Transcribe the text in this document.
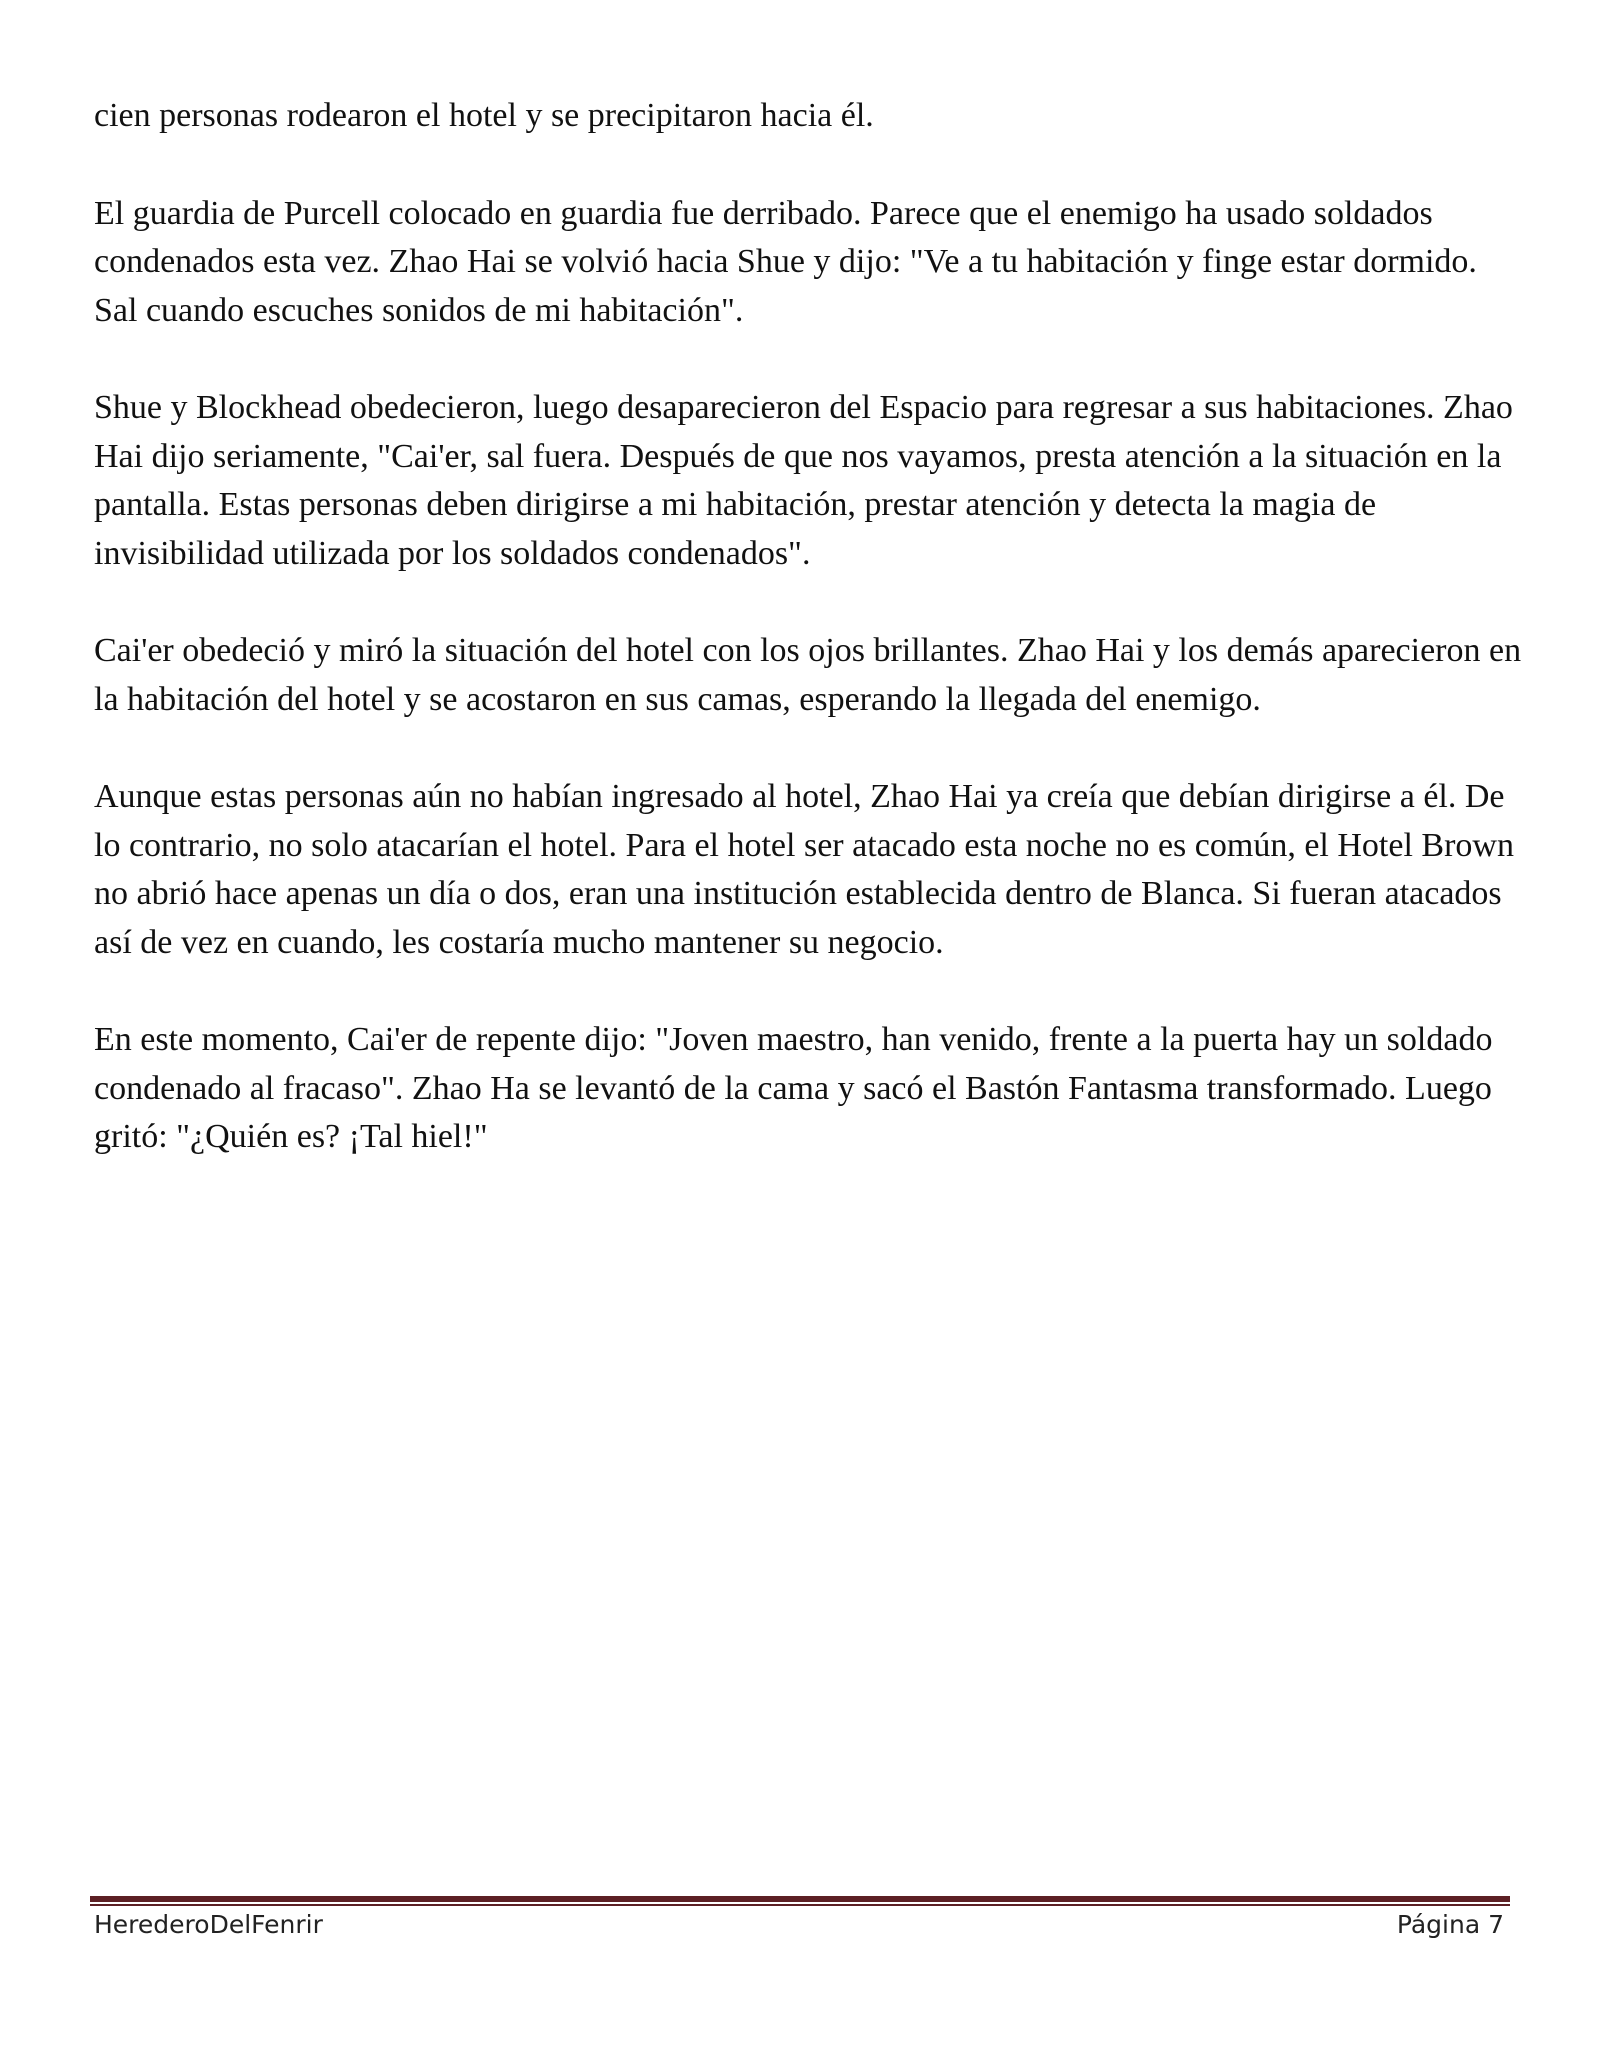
cien personas rodearon el hotel y se precipitaron hacia él.

El guardia de Purcell colocado en guardia fue derribado. Parece que el enemigo ha usado soldados condenados esta vez. Zhao Hai se volvió hacia Shue y dijo: "Ve a tu habitación y finge estar dormido. Sal cuando escuches sonidos de mi habitación".

Shue y Blockhead obedecieron, luego desaparecieron del Espacio para regresar a sus habitaciones. Zhao Hai dijo seriamente, "Cai'er, sal fuera. Después de que nos vayamos, presta atención a la situación en la pantalla. Estas personas deben dirigirse a mi habitación, prestar atención y detecta la magia de invisibilidad utilizada por los soldados condenados".

Cai'er obedeció y miró la situación del hotel con los ojos brillantes. Zhao Hai y los demás aparecieron en la habitación del hotel y se acostaron en sus camas, esperando la llegada del enemigo.

Aunque estas personas aún no habían ingresado al hotel, Zhao Hai ya creía que debían dirigirse a él. De lo contrario, no solo atacarían el hotel. Para el hotel ser atacado esta noche no es común, el Hotel Brown no abrió hace apenas un día o dos, eran una institución establecida dentro de Blanca. Si fueran atacados así de vez en cuando, les costaría mucho mantener su negocio.

En este momento, Cai'er de repente dijo: "Joven maestro, han venido, frente a la puerta hay un soldado condenado al fracaso". Zhao Ha se levantó de la cama y sacó el Bastón Fantasma transformado. Luego gritó: "¿Quién es? ¡Tal hiel!"

HerederoDelFenrir	Página 7
